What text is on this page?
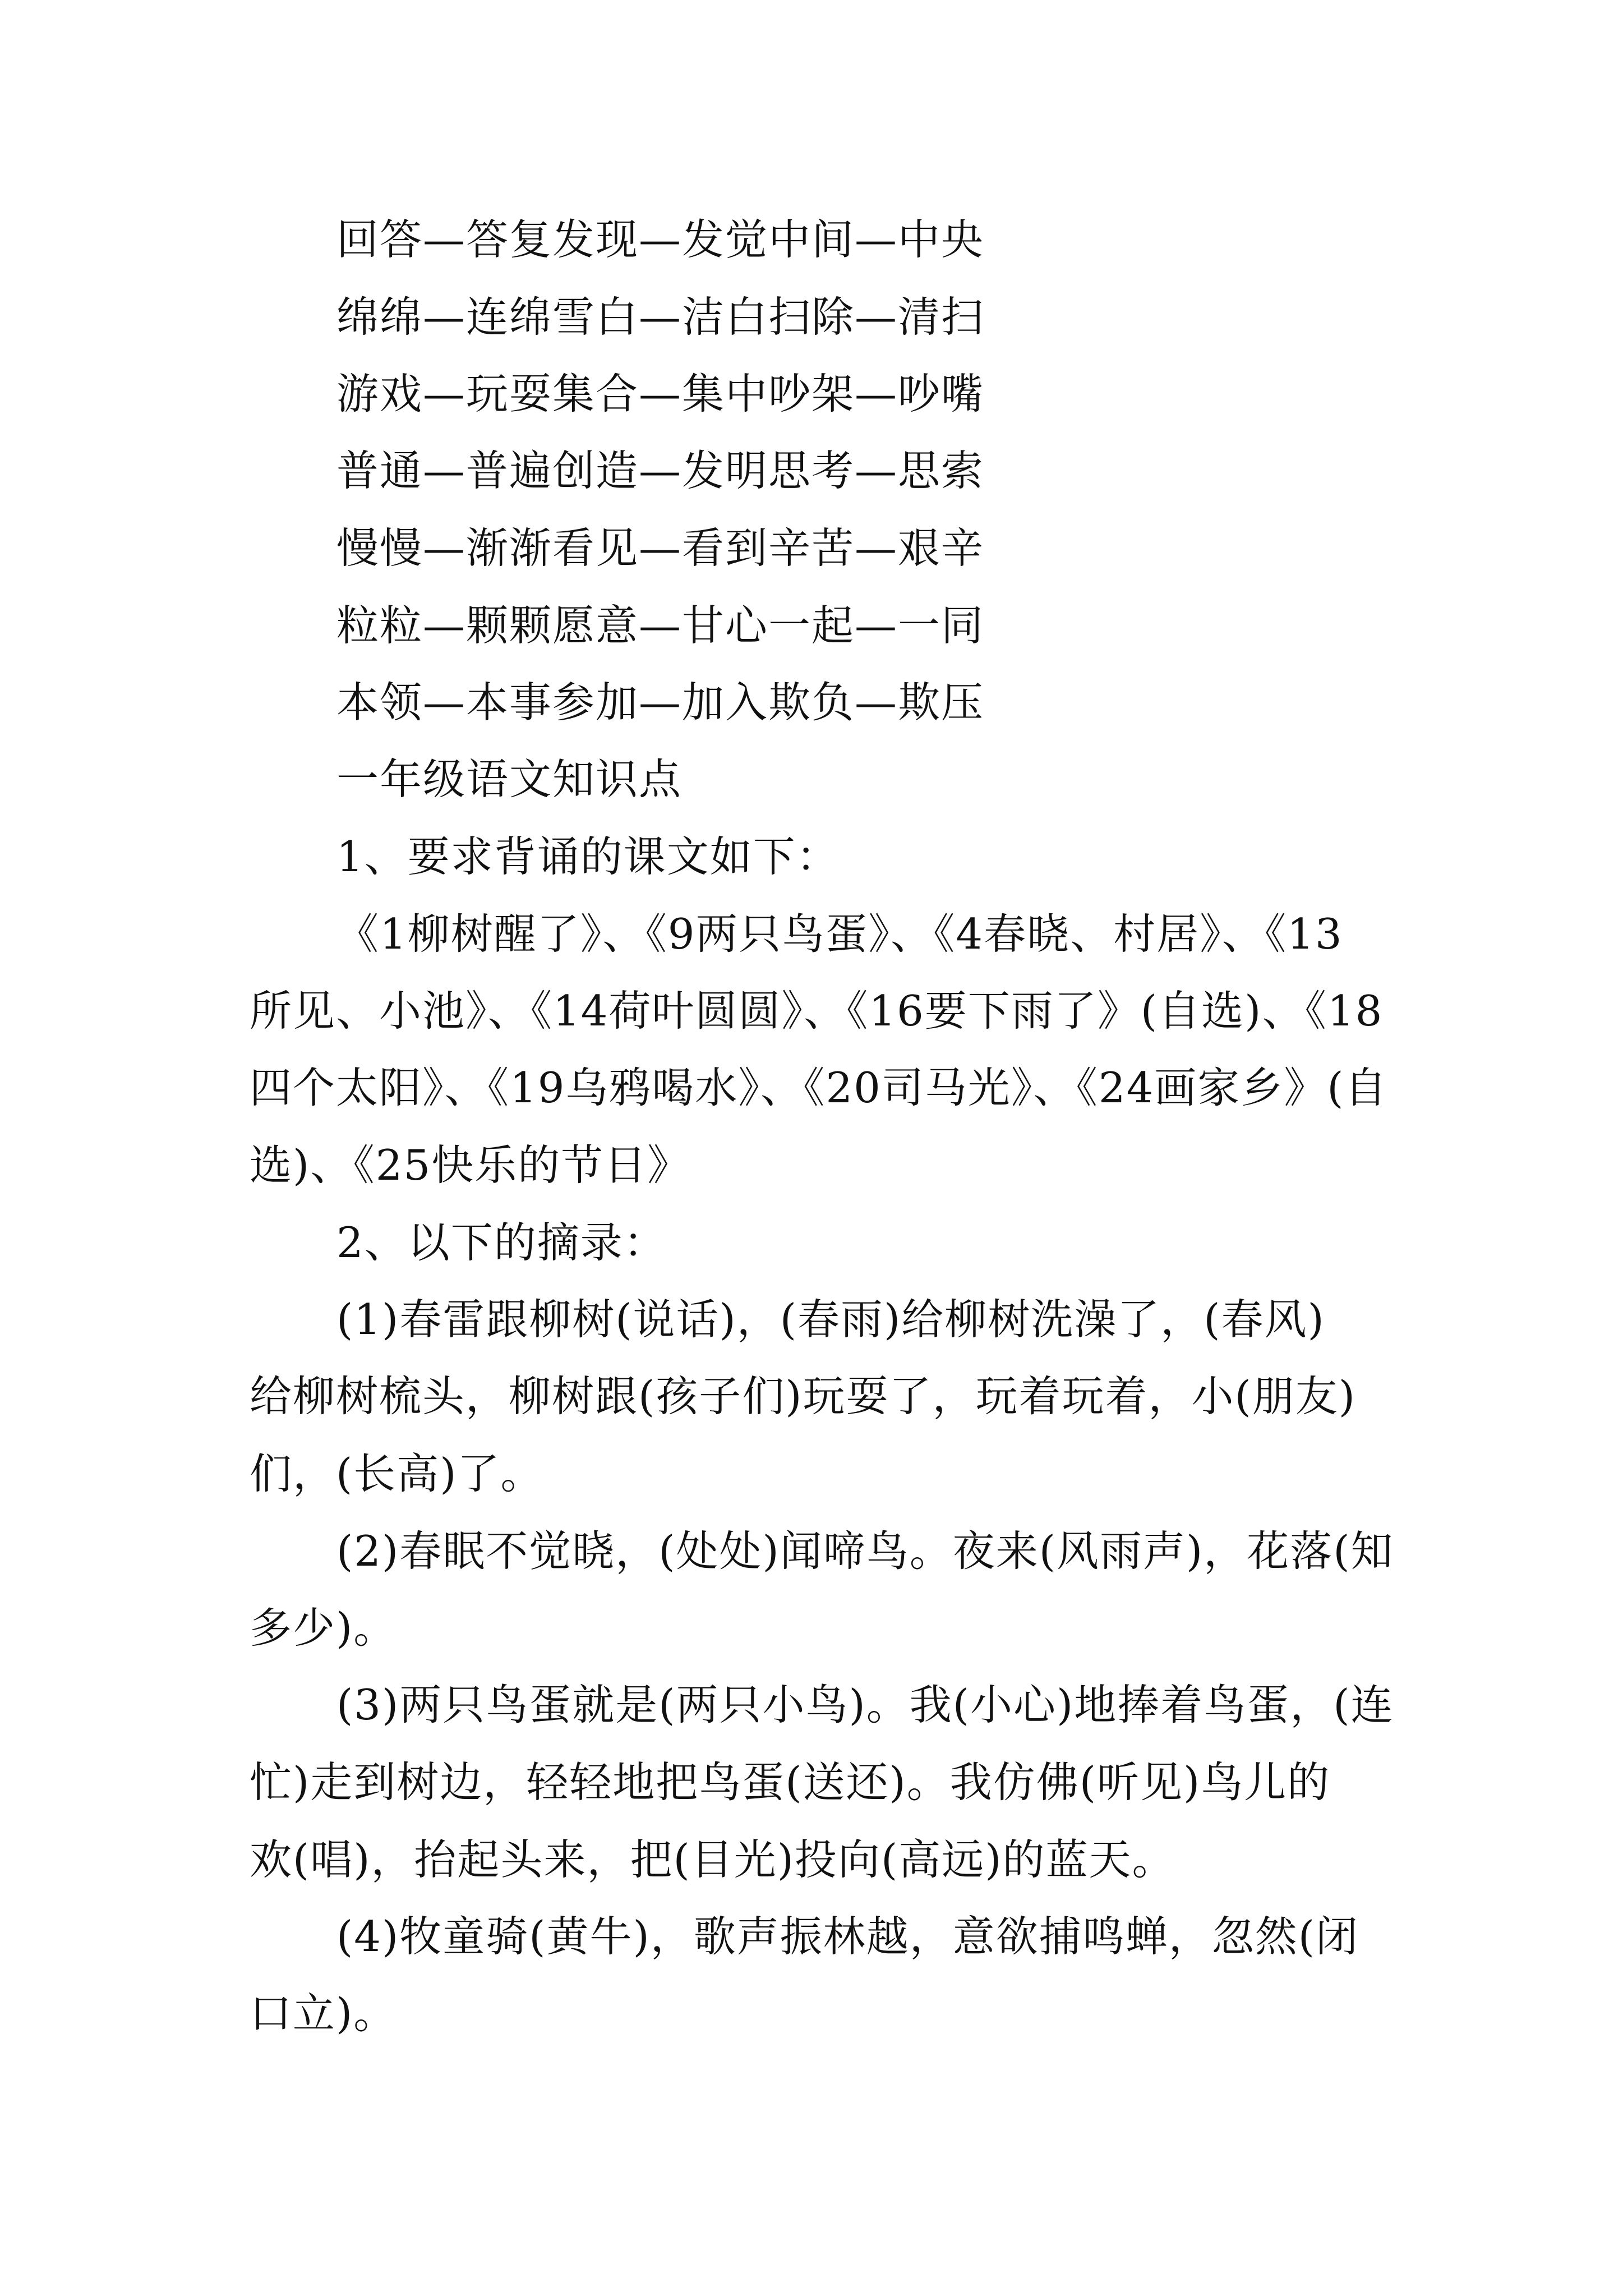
回答—答复发现—发觉中间—中央
绵绵—连绵雪白—洁白扫除—清扫
游戏—玩耍集合—集中吵架—吵嘴
普通—普遍创造—发明思考—思索
慢慢—渐渐看见—看到辛苦—艰辛
粒粒—颗颗愿意—甘心一起—一同
本领—本事参加—加入欺负—欺压
一年级语文知识点
1、要求背诵的课文如下：
《1柳树醒了》、《9两只鸟蛋》、《4春晓、村居》、《13
所见、小池》、《14荷叶圆圆》、《16要下雨了》(自选)、《18
四个太阳》、《19乌鸦喝水》、《20司马光》、《24画家乡》(自
选)、《25快乐的节日》
2、以下的摘录：
(1)春雷跟柳树(说话)，(春雨)给柳树洗澡了，(春风)
给柳树梳头，柳树跟(孩子们)玩耍了，玩着玩着，小(朋友)
们，(长高)了。
(2)春眠不觉晓，(处处)闻啼鸟。夜来(风雨声)，花落(知
多少)。
(3)两只鸟蛋就是(两只小鸟)。我(小心)地捧着鸟蛋，(连
忙)走到树边，轻轻地把鸟蛋(送还)。我仿佛(听见)鸟儿的
欢(唱)，抬起头来，把(目光)投向(高远)的蓝天。
(4)牧童骑(黄牛)，歌声振林越，意欲捕鸣蝉，忽然(闭
口立)。
